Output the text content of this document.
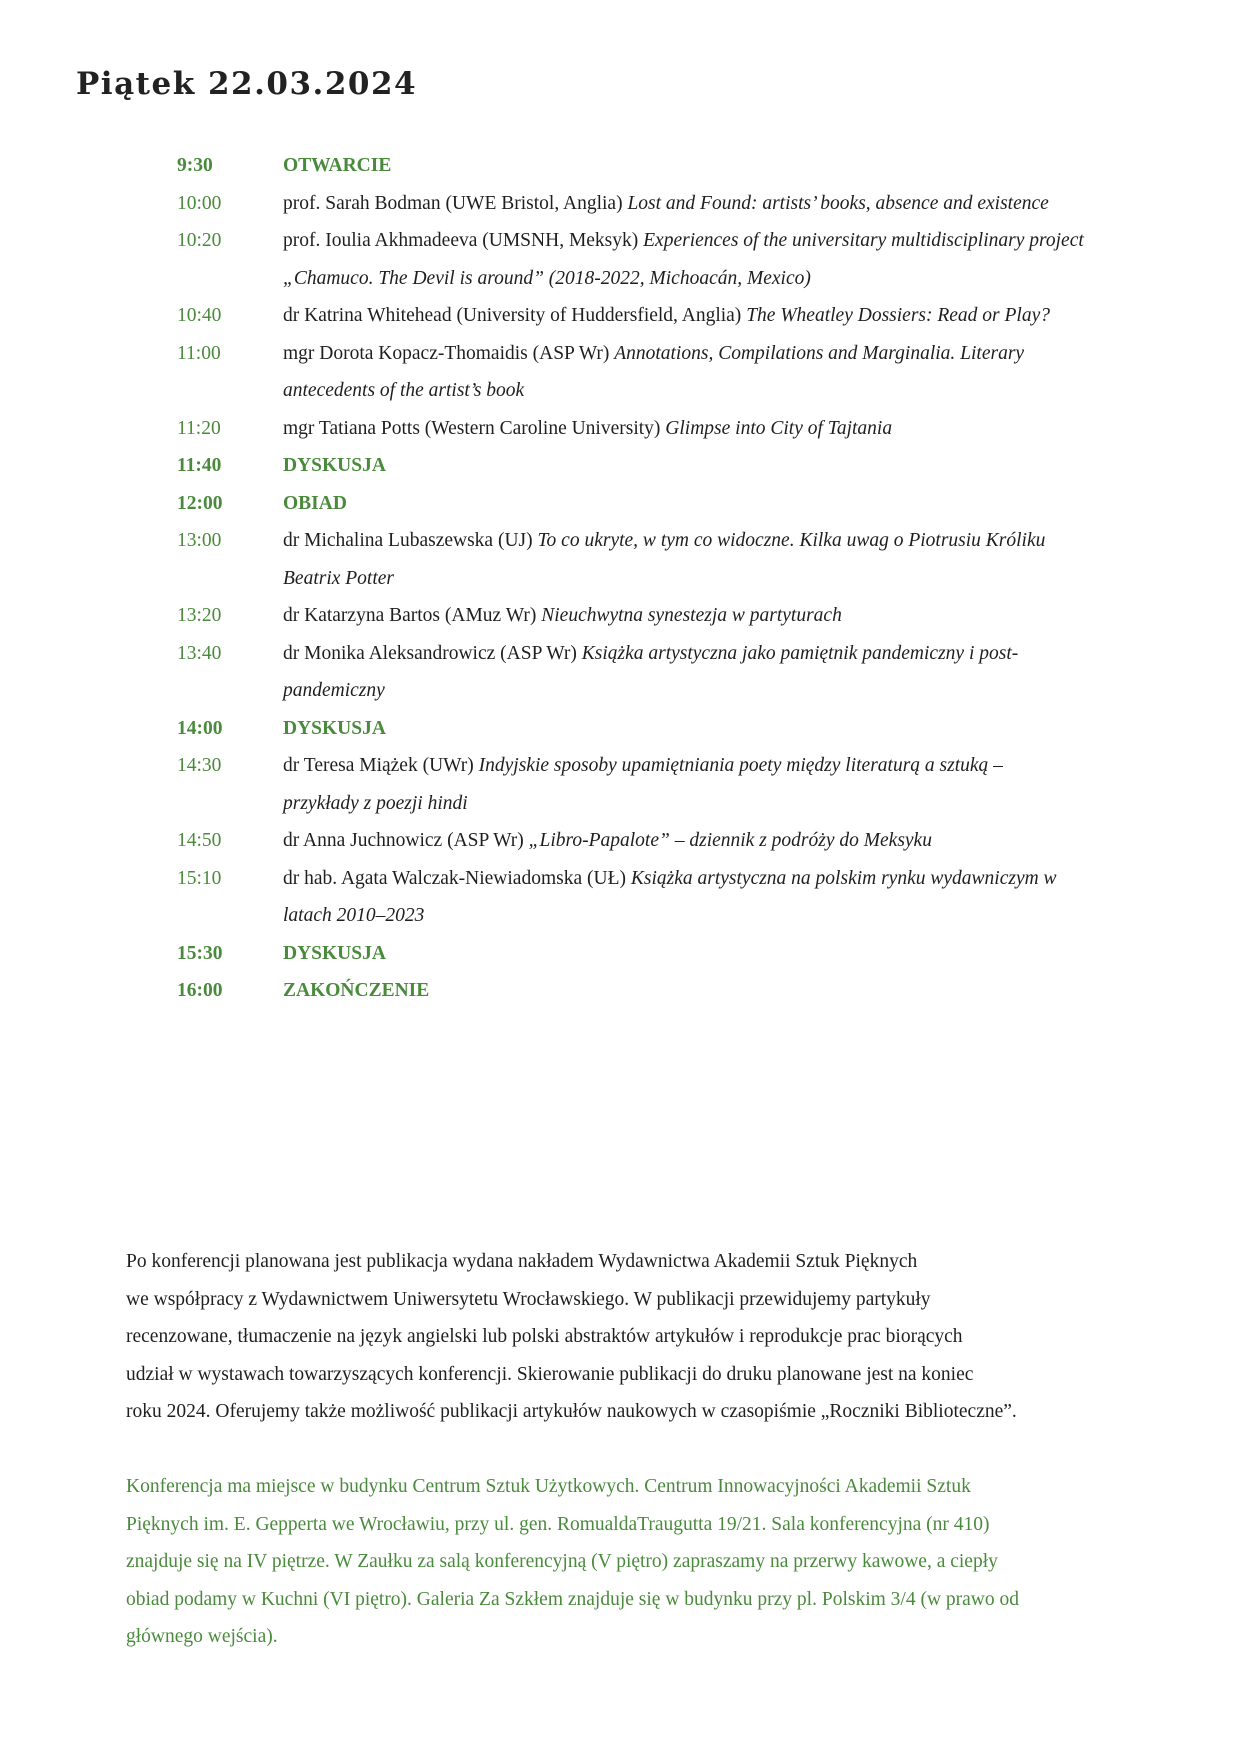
Piątek 22.03.2024
9:30	OTWARCIE
10:00	prof. Sarah Bodman (UWE Bristol, Anglia) Lost and Found: artists’ books, absence and existence
10:20	prof. Ioulia Akhmadeeva (UMSNH, Meksyk) Experiences of the universitary multidisciplinary project
„Chamuco. The Devil is around” (2018-2022, Michoacán, Mexico)
10:40	dr Katrina Whitehead (University of Huddersfield, Anglia) The Wheatley Dossiers: Read or Play?
11:00	mgr Dorota Kopacz-Thomaidis (ASP Wr) Annotations, Compilations and Marginalia. Literary
antecedents of the artist’s book
11:20	mgr Tatiana Potts (Western Caroline University) Glimpse into City of Tajtania
11:40	DYSKUSJA
12:00	OBIAD
13:00	dr Michalina Lubaszewska (UJ) To co ukryte, w tym co widoczne. Kilka uwag o Piotrusiu Króliku
Beatrix Potter
13:20	dr Katarzyna Bartos (AMuz Wr) Nieuchwytna synestezja w partyturach
13:40	dr Monika Aleksandrowicz (ASP Wr) Książka artystyczna jako pamiętnik pandemiczny i post-
pandemiczny
14:00	DYSKUSJA
14:30	dr Teresa Miążek (UWr) Indyjskie sposoby upamiętniania poety między literaturą a sztuką –
przykłady z poezji hindi
14:50	dr Anna Juchnowicz (ASP Wr) „Libro-Papalote” – dziennik z podróży do Meksyku
15:10	dr hab. Agata Walczak-Niewiadomska (UŁ) Książka artystyczna na polskim rynku wydawniczym w
latach 2010–2023
15:30	DYSKUSJA
16:00	ZAKOŃCZENIE

Po konferencji planowana jest publikacja wydana nakładem Wydawnictwa Akademii Sztuk Pięknych
we współpracy z Wydawnictwem Uniwersytetu Wrocławskiego. W publikacji przewidujemy partykuły
recenzowane, tłumaczenie na język angielski lub polski abstraktów artykułów i reprodukcje prac biorących
udział w wystawach towarzyszących konferencji. Skierowanie publikacji do druku planowane jest na koniec
roku 2024. Oferujemy także możliwość publikacji artykułów naukowych w czasopiśmie „Roczniki Biblioteczne”.

Konferencja ma miejsce w budynku Centrum Sztuk Użytkowych. Centrum Innowacyjności Akademii Sztuk
Pięknych im. E. Gepperta we Wrocławiu, przy ul. gen. RomualdaTraugutta 19/21. Sala konferencyjna (nr 410)
znajduje się na IV piętrze. W Zaułku za salą konferencyjną (V piętro) zapraszamy na przerwy kawowe, a ciepły
obiad podamy w Kuchni (VI piętro). Galeria Za Szkłem znajduje się w budynku przy pl. Polskim 3/4 (w prawo od
głównego wejścia).
